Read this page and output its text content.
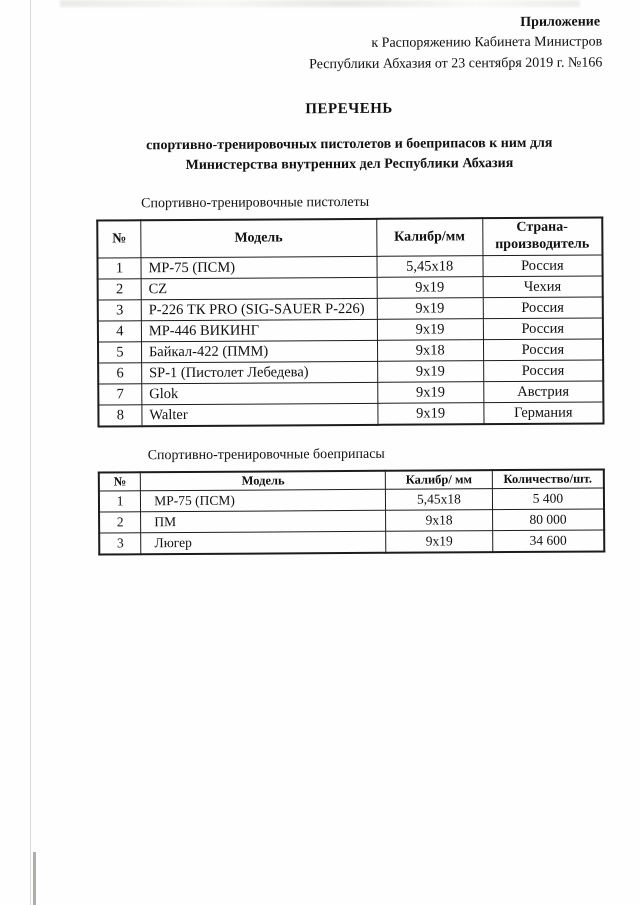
Приложение
к Распоряжению Кабинета Министров
Республики Абхазия от 23 сентября 2019 г. №166
ПЕРЕЧЕНЬ
спортивно-тренировочных пистолетов и боеприпасов к ним для Министерства внутренних дел Республики Абхазия
Спортивно-тренировочные пистолеты
№	Модель	Калибр/мм	Страна-производитель
1	МР-75 (ПСМ)	5,45х18	Россия
2	CZ	9х19	Чехия
3	Р-226 ТК PRO (SIG-SAUER P-226)	9х19	Россия
4	МР-446 ВИКИНГ	9х19	Россия
5	Байкал-422 (ПММ)	9х18	Россия
6	SP-1 (Пистолет Лебедева)	9х19	Россия
7	Glok	9х19	Австрия
8	Walter	9х19	Германия
Спортивно-тренировочные боеприпасы
№	Модель	Калибр/ мм	Количество/шт.
1	МР-75 (ПСМ)	5,45х18	5 400
2	ПМ	9х18	80 000
3	Люгер	9х19	34 600
